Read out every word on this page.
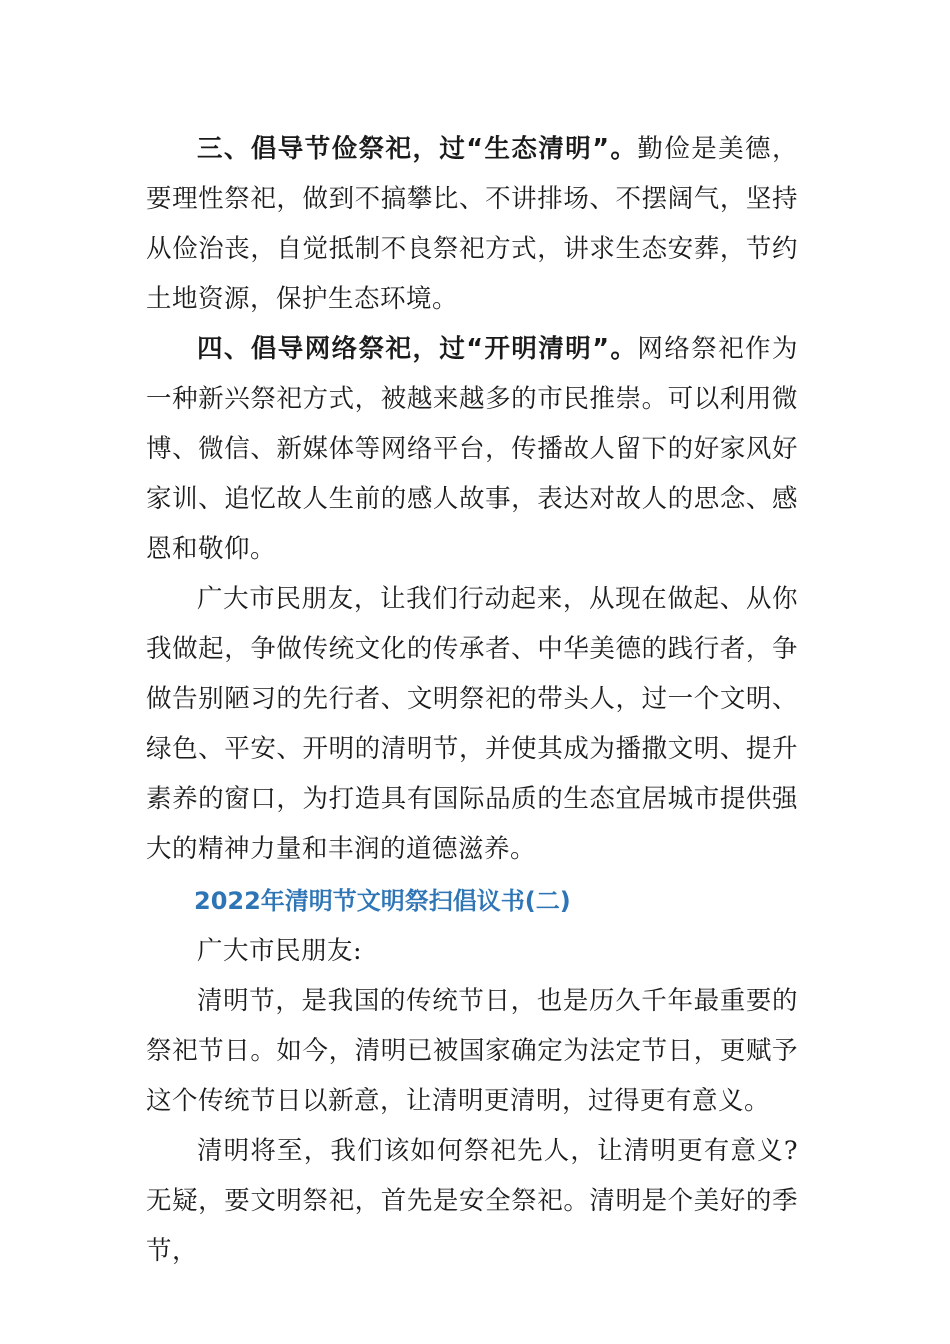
三、倡导节俭祭祀，过“生态清明”。勤俭是美德，要理性祭祀，做到不搞攀比、不讲排场、不摆阔气，坚持从俭治丧，自觉抵制不良祭祀方式，讲求生态安葬，节约土地资源，保护生态环境。

四、倡导网络祭祀，过“开明清明”。网络祭祀作为一种新兴祭祀方式，被越来越多的市民推崇。可以利用微博、微信、新媒体等网络平台，传播故人留下的好家风好家训、追忆故人生前的感人故事，表达对故人的思念、感恩和敬仰。

广大市民朋友，让我们行动起来，从现在做起、从你我做起，争做传统文化的传承者、中华美德的践行者，争做告别陋习的先行者、文明祭祀的带头人，过一个文明、绿色、平安、开明的清明节，并使其成为播撒文明、提升素养的窗口，为打造具有国际品质的生态宜居城市提供强大的精神力量和丰润的道德滋养。

2022年清明节文明祭扫倡议书(二)

广大市民朋友:

清明节，是我国的传统节日，也是历久千年最重要的祭祀节日。如今，清明已被国家确定为法定节日，更赋予这个传统节日以新意，让清明更清明，过得更有意义。

清明将至，我们该如何祭祀先人，让清明更有意义?无疑，要文明祭祀，首先是安全祭祀。清明是个美好的季节，
